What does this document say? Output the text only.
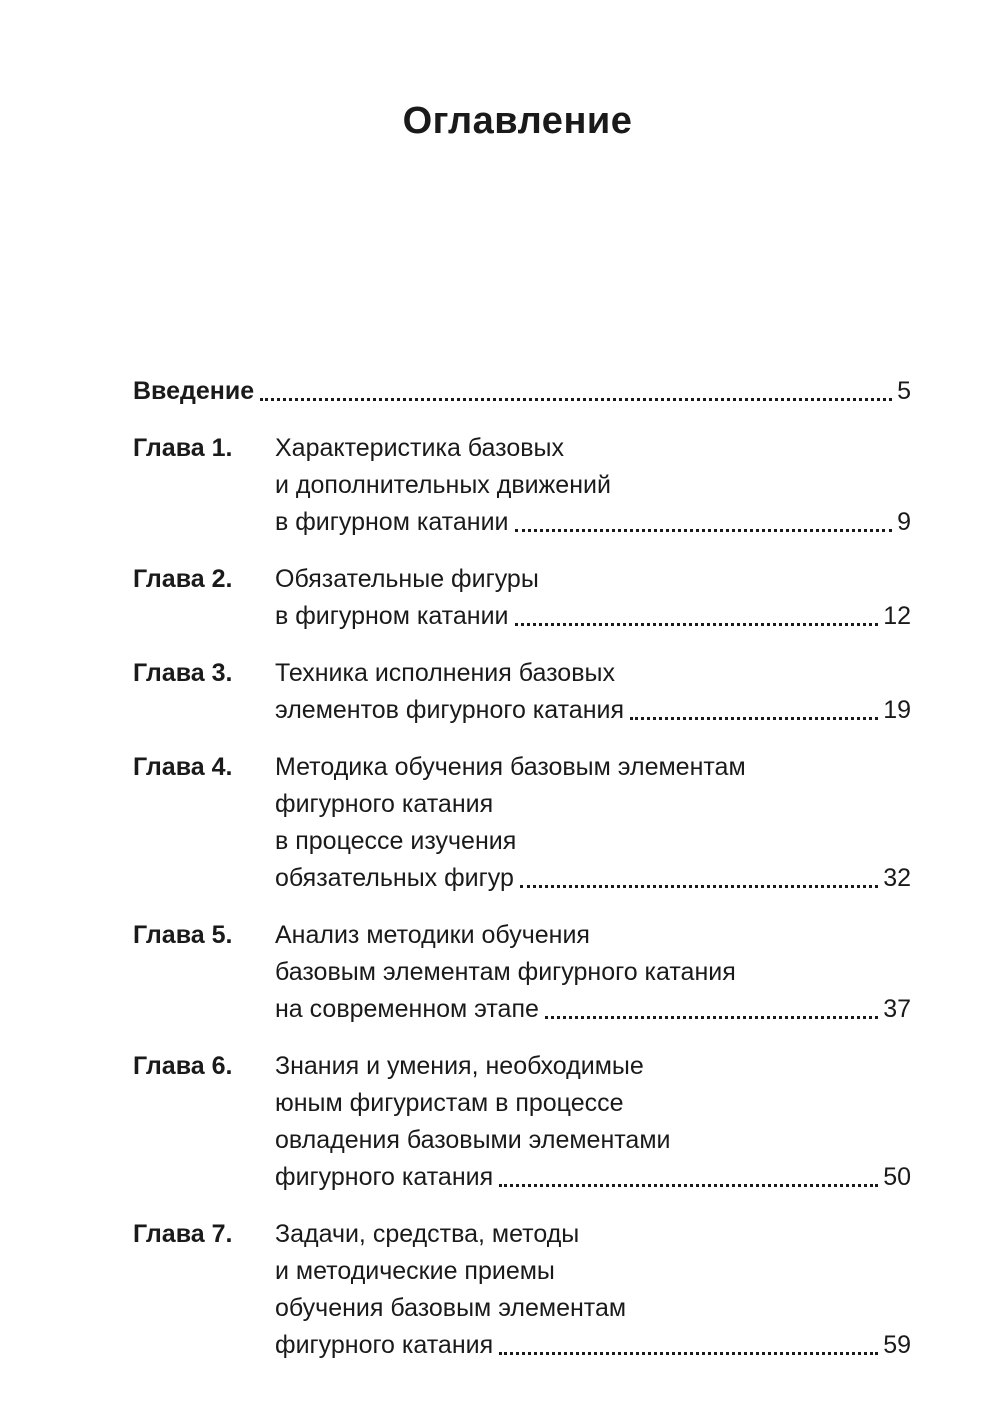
Оглавление
Введение	5
Глава 1.	Характеристика базовых
и дополнительных движений
в фигурном катании	9
Глава 2.	Обязательные фигуры
в фигурном катании	12
Глава 3.	Техника исполнения базовых
элементов фигурного катания	19
Глава 4.	Методика обучения базовым элементам
фигурного катания
в процессе изучения
обязательных фигур	32
Глава 5.	Анализ методики обучения
базовым элементам фигурного катания
на современном этапе	37
Глава 6.	Знания и умения, необходимые
юным фигуристам в процессе
овладения базовыми элементами
фигурного катания	50
Глава 7.	Задачи, средства, методы
и методические приемы
обучения базовым элементам
фигурного катания	59
